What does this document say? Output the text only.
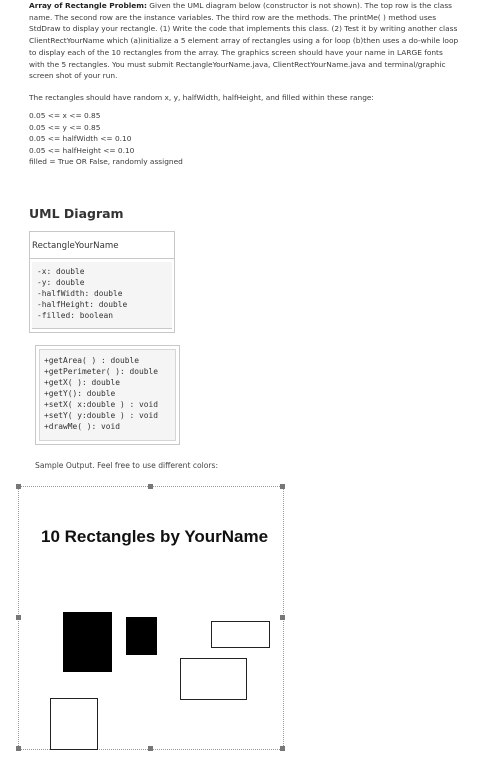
Array of Rectangle Problem: Given the UML diagram below (constructor is not shown). The top row is the class name. The second row are the instance variables. The third row are the methods. The printMe( ) method uses StdDraw to display your rectangle. (1) Write the code that implements this class. (2) Test it by writing another class ClientRectYourName which (a)initialize a 5 element array of rectangles using a for loop (b)then uses a do-while loop to display each of the 10 rectangles from the array. The graphics screen should have your name in LARGE fonts with the 5 rectangles. You must submit RectangleYourName.java, ClientRectYourName.java and terminal/graphic screen shot of your run.
The rectangles should have random x, y, halfWidth, halfHeight, and filled within these range:
0.05 <= x <= 0.85
0.05 <= y <= 0.85
0.05 <= halfWidth <= 0.10
0.05 <= halfHeight <= 0.10
filled = True OR False, randomly assigned
UML Diagram
RectangleYourName
-x: double
-y: double
-halfWidth: double
-halfHeight: double
-filled: boolean
+getArea( ) : double
+getPerimeter( ): double
+getX( ): double
+getY(): double
+setX( x:double ) : void
+setY( y:double ) : void
+drawMe( ): void
Sample Output. Feel free to use different colors:
10 Rectangles by YourName
